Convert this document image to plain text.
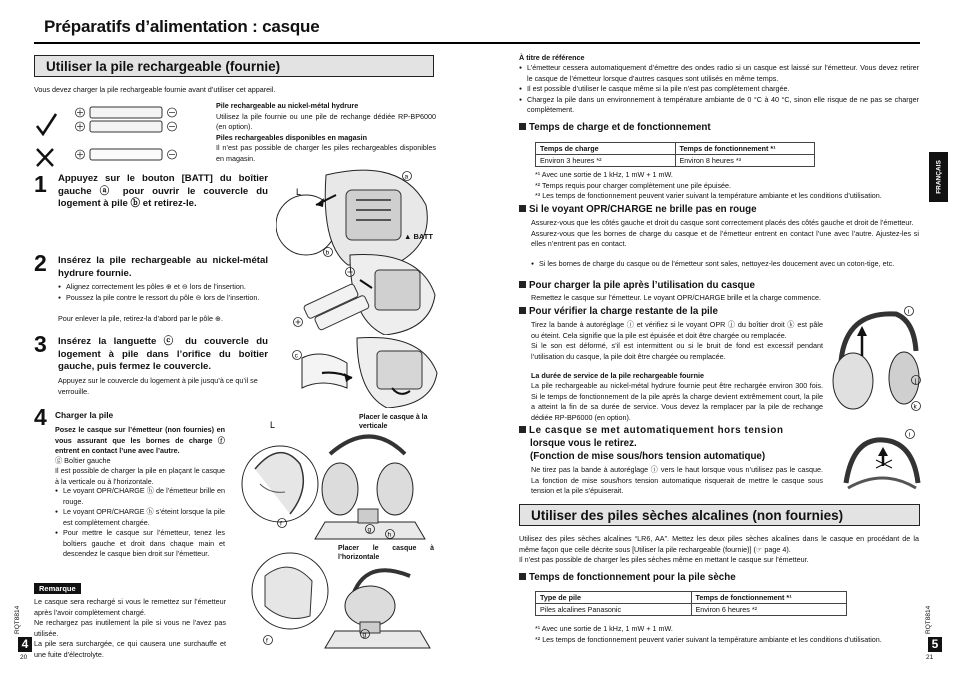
Préparatifs d’alimentation : casque
Utiliser la pile rechargeable (fournie)
Vous devez charger la pile rechargeable fournie avant d’utiliser cet appareil.
Pile rechargeable au nickel-métal hydrure
Utilisez la pile fournie ou une pile de rechange dédiée RP-BP6000 (en option).
Piles rechargeables disponibles en magasin
Il n’est pas possible de charger les piles rechargeables disponibles en magasin.
1 Appuyez sur le bouton [BATT] du boîtier gauche ⓐ pour ouvrir le couvercle du logement à pile ⓑ et retirez-le.
2 Insérez la pile rechargeable au nickel-métal hydrure fournie.
● Alignez correctement les pôles ⊕ et ⊖ lors de l’insertion.
● Poussez la pile contre le ressort du pôle ⊖ lors de l’insertion.
Pour enlever la pile, retirez-la d’abord par le pôle ⊕.
3 Insérez la languette ⓒ du couvercle du logement à pile dans l’orifice du boîtier gauche, puis fermez le couvercle.
Appuyez sur le couvercle du logement à pile jusqu’à ce qu’il se verrouille.
4 Charger la pile
Posez le casque sur l’émetteur (non fournies) en vous assurant que les bornes de charge ⓕ entrent en contact l’une avec l’autre.
ⓖ Boîtier gauche
Il est possible de charger la pile en plaçant le casque à la verticale ou à l’horizontale.
● Le voyant OPR/CHARGE ⓗ de l’émetteur brille en rouge.
● Le voyant OPR/CHARGE ⓗ s’éteint lorsque la pile est complètement chargée.
● Pour mettre le casque sur l’émetteur, tenez les boîtiers gauche et droit dans chaque main et descendez le casque bien droit sur l’émetteur.
Remarque
Le casque sera rechargé si vous le remettez sur l’émetteur après l’avoir complètement chargé.
Ne rechargez pas inutilement la pile si vous ne l’avez pas utilisée.
La pile sera surchargée, ce qui causera une surchauffe et une fuite d’électrolyte.
RQT8814
4
20
L
a
b
▲ BATT
c
L
f
g
h
Placer le casque à la verticale
f
g
Placer le casque à l’horizontale
À titre de référence
● L’émetteur cessera automatiquement d’émettre des ondes radio si un casque est laissé sur l’émetteur. Vous devez retirer le casque de l’émetteur lorsque d’autres casques sont utilisés en même temps.
● Il est possible d’utiliser le casque même si la pile n’est pas complètement chargée.
● Chargez la pile dans un environnement à température ambiante de 0 °C à 40 °C, sinon elle risque de ne pas se charger complètement.
Temps de charge et de fonctionnement
Temps de charge	Temps de fonctionnement *¹
Environ 3 heures *²	Environ 8 heures *³
*¹ Avec une sortie de 1 kHz, 1 mW + 1 mW.
*² Temps requis pour charger complètement une pile épuisée.
*³ Les temps de fonctionnement peuvent varier suivant la température ambiante et les conditions d’utilisation.
Si le voyant OPR/CHARGE ne brille pas en rouge
Assurez-vous que les côtés gauche et droit du casque sont correctement placés des côtés gauche et droit de l’émetteur.
Assurez-vous que les bornes de charge du casque et de l’émetteur entrent en contact l’une avec l’autre. Ajustez-les si elles n’entrent pas en contact.
● Si les bornes de charge du casque ou de l’émetteur sont sales, nettoyez-les doucement avec un coton-tige, etc.
Pour charger la pile après l’utilisation du casque
Remettez le casque sur l’émetteur. Le voyant OPR/CHARGE brille et la charge commence.
Pour vérifier la charge restante de la pile
Tirez la bande à autoréglage ⓘ et vérifiez si le voyant OPR ⓙ du boîtier droit ⓚ est pâle ou éteint. Cela signifie que la pile est épuisée et doit être chargée ou remplacée.
Si le son est déformé, s’il est intermittent ou si le bruit de fond est excessif pendant l’utilisation du casque, la pile doit être chargée ou remplacée.
La durée de service de la pile rechargeable fournie
La pile rechargeable au nickel-métal hydrure fournie peut être rechargée environ 300 fois. Si le temps de fonctionnement de la pile après la charge devient extrêmement court, la pile a atteint la fin de sa durée de service. Vous devez la remplacer par la pile de rechange dédiée RP-BP6000 (en option).
i
j
k
Le casque se met automatiquement hors tension
lorsque vous le retirez.
(Fonction de mise sous/hors tension automatique)
Ne tirez pas la bande à autoréglage ⓘ vers le haut lorsque vous n’utilisez pas le casque. La fonction de mise sous/hors tension automatique risquerait de mettre le casque sous tension et la pile s’épuiserait.
i
Utiliser des piles sèches alcalines (non fournies)
Utilisez des piles sèches alcalines “LR6, AA”. Mettez les deux piles sèches alcalines dans le casque en procédant de la même façon que celle décrite sous [Utiliser la pile rechargeable (fournie)] (☞ page 4).
Il n’est pas possible de charger les piles sèches même en mettant le casque sur l’émetteur.
Temps de fonctionnement pour la pile sèche
Type de pile	Temps de fonctionnement *¹
Piles alcalines Panasonic	Environ 6 heures *²
*¹ Avec une sortie de 1 kHz, 1 mW + 1 mW.
*² Les temps de fonctionnement peuvent varier suivant la température ambiante et les conditions d’utilisation.
FRANÇAIS
RQT8814
5
21
